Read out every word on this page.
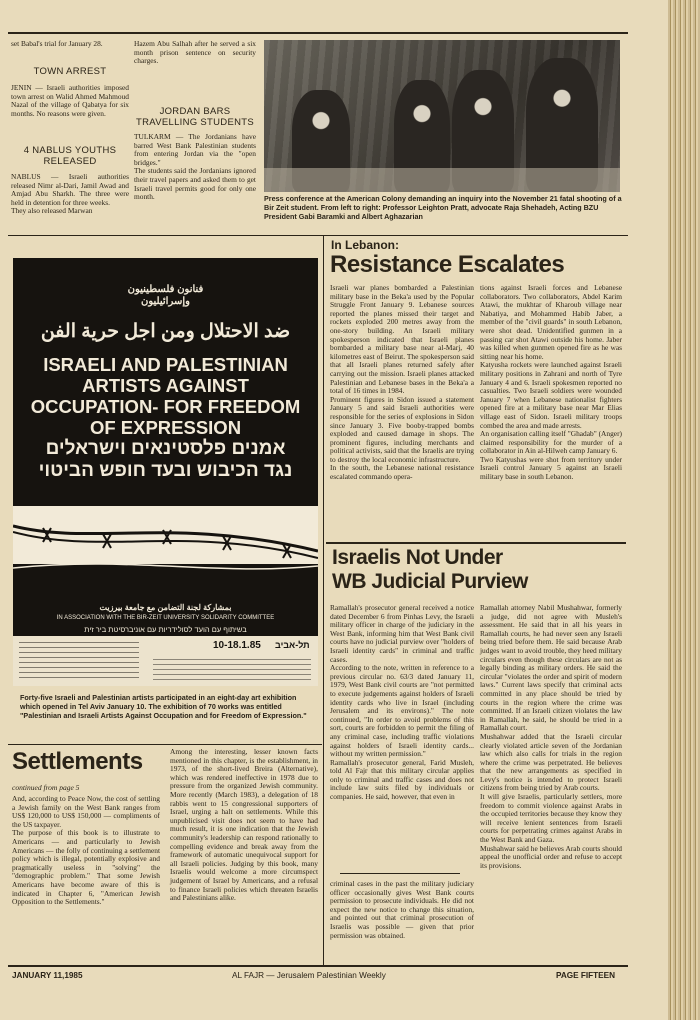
set Babal's trial for January 28.
TOWN ARREST
JENIN — Israeli authorities imposed town arrest on Walid Ahmed Mahmoud Nazal of the village of Qabatya for six months. No reasons were given.
4 NABLUS YOUTHS RELEASED
NABLUS — Israeli authorities released Nimr al-Dari, Jamil Awad and Amjad Abu Sharkh. The three were held in detention for three weeks.
They also released Marwan
Hazem Abu Salhah after he served a six month prison sentence on security charges.
JORDAN BARS TRAVELLING STUDENTS
TULKARM — The Jordanians have barred West Bank Palestinian students from entering Jordan via the "open bridges."
The students said the Jordanians ignored their travel papers and asked them to get Israeli travel permits good for only one month.	Press conference at the American Colony demanding an inquiry into the November 21 fatal shooting of a Bir Zeit student. From left to right: Professor Leighton Pratt, advocate Raja Shehadeh, Acting BZU President Gabi Baramki and Albert Aghazarian
فنانون فلسطينيون
وإسرائيليون
ضد الاحتلال ومن اجل حرية الفن
ISRAELI AND PALESTINIAN ARTISTS AGAINST OCCUPATION- FOR FREEDOM OF EXPRESSION
אמנים פלסטינאים וישראלים
נגד הכיבוש ובעד חופש הביטוי
بمشاركة لجنة التضامن مع جامعة بيرزيت
IN ASSOCIATION WITH THE BIR-ZEIT UNIVERSITY SOLIDARITY COMMITTEE
בשיתוף עם הועד לסולידריות עם אוניברסיטת ביר זית
10-18.1.85 תל-אביב
Forty-five Israeli and Palestinian artists participated in an eight-day art exhibition which opened in Tel Aviv January 10. The exhibition of 70 works was entitled "Palestinian and Israeli Artists Against Occupation and for Freedom of Expression."
In Lebanon:
Resistance Escalates
Israeli war planes bombarded a Palestinian military base in the Beka'a used by the Popular Struggle Front January 9. Lebanese sources reported the planes missed their target and rockets exploded 200 metres away from the one-story building. An Israeli military spokesperson indicated that Israeli planes bombarded a military base near al-Marj, 40 kilometres east of Beirut. The spokesperson said that all Israeli planes returned safely after carrying out the mission. Israeli planes attacked Palestinian and Lebanese bases in the Beka'a a total of 16 times in 1984.
Prominent figures in Sidon issued a statement January 5 and said Israeli authorities were responsible for the series of explosions in Sidon since January 3. Five booby-trapped bombs exploded and caused damage in shops. The prominent figures, including merchants and political activists, said that the Israelis are trying to destroy the local economic infrastructure.
In the south, the Lebanese national resistance escalated commando opera-
tions against Israeli forces and Lebanese collaborators. Two collaborators, Abdel Karim Atawi, the mukhtar of Kharoub village near Nabatiya, and Mohammed Habib Jaber, a member of the "civil guards" in south Lebanon, were shot dead. Unidentified gunmen in a passing car shot Atawi outside his home. Jaber was killed when gunmen opened fire as he was sitting near his home.
Katyusha rockets were launched against Israeli military positions in Zahrani and north of Tyre January 4 and 6. Israeli spokesmen reported no casualties. Two Israeli soldiers were wounded January 7 when Lebanese nationalist fighters opened fire at a military base near Mar Elias village east of Sidon. Israeli military troops combed the area and made arrests.
An organisation calling itself "Ghadab" (Anger) claimed responsibility for the murder of a collaborator in Ain al-Hilweh camp January 6.
Two Katyushas were shot from territory under Israeli control January 5 against an Israeli military base in south Lebanon.
Israelis Not Under
WB Judicial Purview
Ramallah's prosecutor general received a notice dated December 6 from Pinhas Levy, the Israeli military officer in charge of the judiciary in the West Bank, informing him that West Bank civil courts have no judicial purview over "holders of Israeli identity cards" in criminal and traffic cases.
According to the note, written in reference to a previous circular no. 63/3 dated January 11, 1979, West Bank civil courts are "not permitted to execute judgements against holders of Israeli identity cards who live in Israel (including Jerusalem and its environs)." The note continued, "In order to avoid problems of this sort, courts are forbidden to permit the filing of any criminal case, including traffic violations against holders of Israeli identity cards... without my written permission."
Ramallah's prosecutor general, Farid Musleh, told Al Fajr that this military circular applies only to criminal and traffic cases and does not include law suits filed by individuals or companies. He said, however, that even in
criminal cases in the past the military judiciary officer occasionally gives West Bank courts permission to prosecute individuals. He did not expect the new notice to change this situation, and pointed out that criminal prosecution of Israelis was possible — given that prior permission was obtained.
Ramallah attorney Nabil Mushahwar, formerly a judge, did not agree with Musleh's assessment. He said that in all his years in Ramallah courts, he had never seen any Israeli being tried before them. He said because Arab judges want to avoid trouble, they heed military circulars even though these circulars are not as legally binding as military orders. He said the circular "violates the order and spirit of modern laws." Current laws specify that criminal acts committed in any place should be tried by courts in the region where the crime was committed. If an Israeli citizen violates the law in Ramallah, he said, he should be tried in a Ramallah court.
Mushahwar added that the Israeli circular clearly violated article seven of the Jordanian law which also calls for trials in the region where the crime was perpetrated. He believes that the new arrangements as specified in Levy's notice is intended to protect Israeli citizens from being tried by Arab courts.
It will give Israelis, particularly settlers, more freedom to commit violence against Arabs in the occupied territories because they know they will receive lenient sentences from Israeli courts for perpetrating crimes against Arabs in the West Bank and Gaza.
Mushahwar said he believes Arab courts should appeal the unofficial order and refuse to accept its provisions.
Settlements
continued from page 5
And, according to Peace Now, the cost of settling a Jewish family on the West Bank ranges from US$ 120,000 to US$ 150,000 — compliments of the US taxpayer.
The purpose of this book is to illustrate to Americans — and particularly to Jewish Americans — the folly of continuing a settlement policy which is illegal, potentially explosive and pragmatically useless in "solving" the "demographic problem." That some Jewish Americans have become aware of this is indicated in Chapter 6, "American Jewish Opposition to the Settlements."
Among the interesting, lesser known facts mentioned in this chapter, is the establishment, in 1973, of the short-lived Breira (Alternative), which was rendered ineffective in 1978 due to pressure from the organized Jewish community. More recently (March 1983), a delegation of 18 rabbis went to 15 congressional supporters of Israel, urging a halt on settlements. While this unpublicised visit does not seem to have had much result, it is one indication that the Jewish community's leadership can respond rationally to compelling evidence and break away from the framework of automatic unequivocal support for all Israeli policies. Judging by this book, many Israelis would welcome a more circumspect judgement of Israel by Americans, and a refusal to finance Israeli policies which threaten Israelis and Palestinians alike.
JANUARY 11,1985	AL FAJR — Jerusalem Palestinian Weekly	PAGE FIFTEEN
